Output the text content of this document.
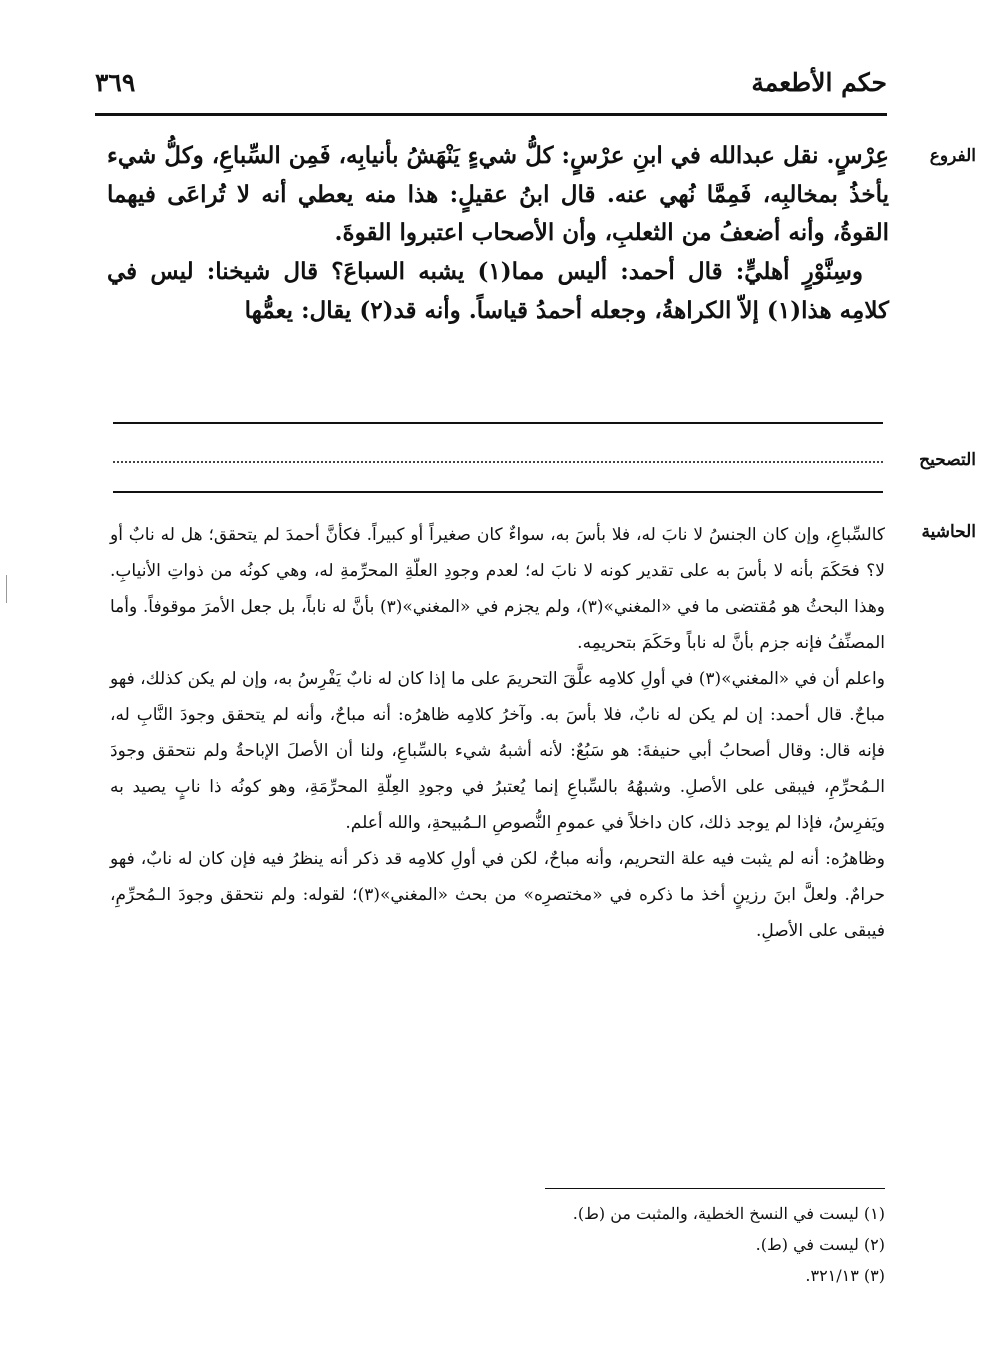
حكم الأطعمة
٣٦٩
الفروع

عِرْسٍ. نقل عبدالله في ابنِ عرْسٍ: كلُّ شيءٍ يَنْهَشُ بأنيابِه، فَمِن السِّباعِ، وكلُّ شيء يأخذُ بمخالبِه، فَمِمَّا نُهي عنه. قال ابنُ عقيلٍ: هذا منه يعطي أنه لا تُراعَى فيهما القوةُ، وأنه أضعفُ من الثعلبِ، وأن الأصحاب اعتبروا القوةَ.

وسِنَّوْرٍ أهليٍّ: قال أحمد: أليس مما(١) يشبه السباعَ؟ قال شيخنا: ليس في كلامِه هذا(١) إلاّ الكراهةُ، وجعله أحمدُ قياساً. وأنه قد(٢) يقال: يعمُّها

التصحيح
الحاشية

كالسِّباعِ، وإن كان الجنسُ لا نابَ له، فلا بأسَ به، سواءٌ كان صغيراً أو كبيراً. فكأنَّ أحمدَ لم يتحقق؛ هل له نابٌ أو لا؟ فحَكَمَ بأنه لا بأسَ به على تقدير كونه لا نابَ له؛ لعدم وجودِ العلّةِ المحرِّمةِ له، وهي كونُه من ذواتِ الأنيابِ. وهذا البحثُ هو مُقتضى ما في «المغني»(٣)، ولم يجزم في «المغني»(٣) بأنَّ له ناباً، بل جعل الأمرَ موقوفاً. وأما المصنِّفُ فإنه جزم بأنَّ له ناباً وحَكَمَ بتحريمِه.

واعلم أن في «المغني»(٣) في أولِ كلامِه علَّقَ التحريمَ على ما إذا كان له نابٌ يَفْرِسُ به، وإن لم يكن كذلك، فهو مباحٌ. قال أحمد: إن لم يكن له نابٌ، فلا بأسَ به. وآخرُ كلامِه ظاهرُه: أنه مباحٌ، وأنه لم يتحقق وجودَ النَّابِ له، فإنه قال: وقال أصحابُ أبي حنيفةَ: هو سَبُعٌ: لأنه أشبهُ شيء بالسِّباعِ، ولنا أن الأصلَ الإباحةُ ولم نتحقق وجودَ الـمُحرِّمِ، فيبقى على الأصلِ. وشبهُهُ بالسِّباعِ إنما يُعتبرُ في وجودِ العِلّةِ المحرِّمَةِ، وهو كونُه ذا نابٍ يصيد به ويَفرِسُ، فإذا لم يوجد ذلك، كان داخلاً في عمومِ النُّصوصِ الـمُبيحةِ، والله أعلم.

وظاهرُه: أنه لم يثبت فيه علة التحريم، وأنه مباحٌ، لكن في أولِ كلامِه قد ذكر أنه ينظرُ فيه فإن كان له نابٌ، فهو حرامٌ. ولعلَّ ابنَ رزينٍ أخذ ما ذكره في «مختصرِه» من بحث «المغني»(٣)؛ لقوله: ولم نتحقق وجودَ الـمُحرِّمِ، فيبقى على الأصلِ.

(١) ليست في النسخ الخطية، والمثبت من (ط).
(٢) ليست في (ط).
(٣) ٣٢١/١٣.
